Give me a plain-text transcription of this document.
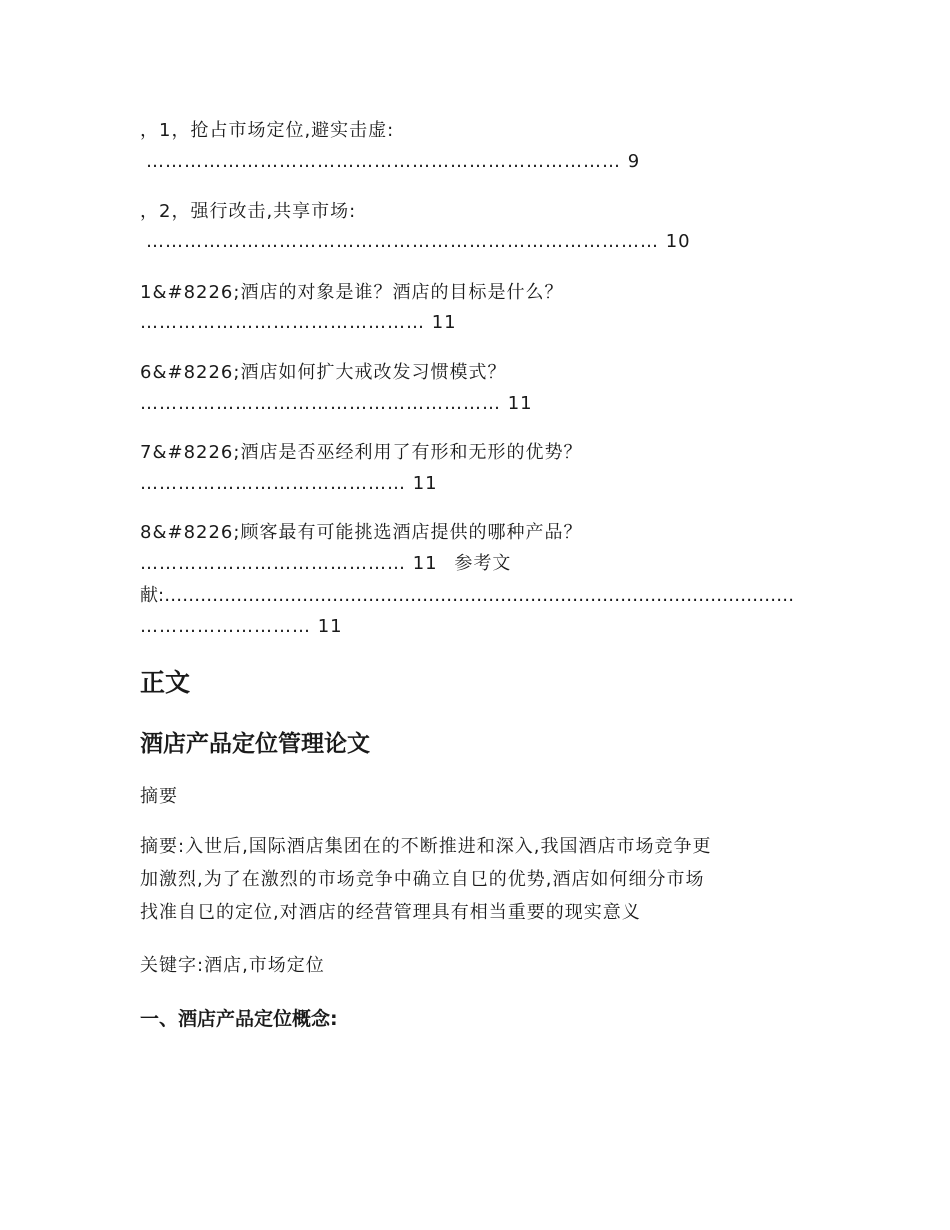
，1，抢占市场定位,避实击虚:
………………………………………………………………… 9
，2，强行改击,共享市场:
……………………………………………………………………… 10
1&#8226;酒店的对象是谁？酒店的目标是什么？
……………………………………… 11
6&#8226;酒店如何扩大戒改发习惯模式？
………………………………………………… 11
7&#8226;酒店是否巫经利用了有形和无形的优势？
…………………………………… 11
8&#8226;顾客最有可能挑选酒店提供的哪种产品？
…………………………………… 11 参考文
献:……………………………………………………………………………………………
……………………… 11
正文
酒店产品定位管理论文
摘要
摘要:入世后,国际酒店集团在的不断推进和深入,我国酒店市场竞争更
加激烈,为了在激烈的市场竞争中确立自㔾的优势,酒店如何细分市场
找准自㔾的定位,对酒店的经营管理具有相当重要的现实意义
关键字:酒店,市场定位
一、酒店产品定位概念:
